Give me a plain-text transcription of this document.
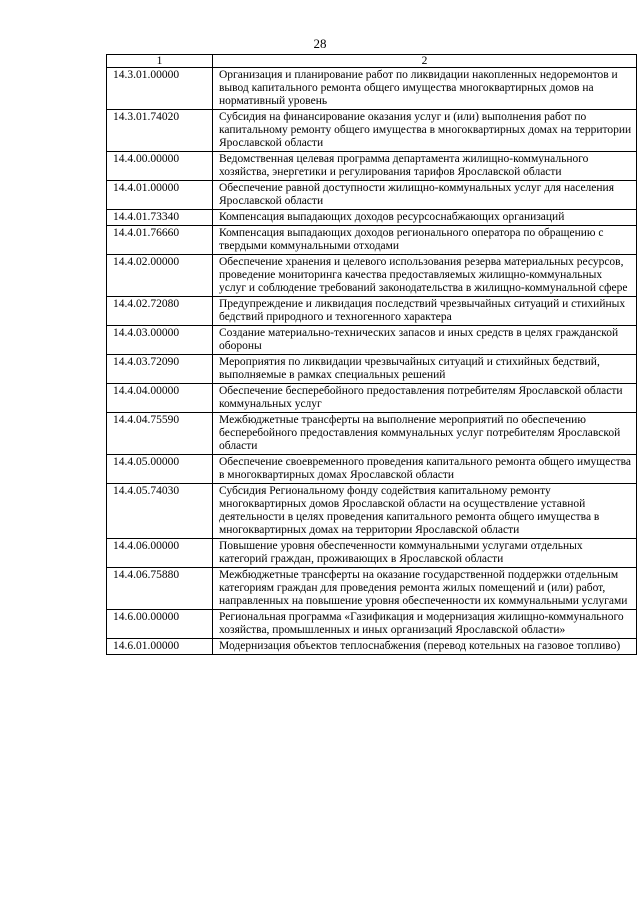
28
1	2
14.3.01.00000	Организация и планирование работ по ликвидации накопленных недоремонтов и вывод капитального ремонта общего имущества многоквартирных домов на нормативный уровень
14.3.01.74020	Субсидия на финансирование оказания услуг и (или) выполнения работ по капитальному ремонту общего имущества в многоквартирных домах на территории Ярославской области
14.4.00.00000	Ведомственная целевая программа департамента жилищно-коммунального хозяйства, энергетики и регулирования тарифов Ярославской области
14.4.01.00000	Обеспечение равной доступности жилищно-коммунальных услуг для населения Ярославской области
14.4.01.73340	Компенсация выпадающих доходов ресурсоснабжающих организаций
14.4.01.76660	Компенсация выпадающих доходов регионального оператора по обращению с твердыми коммунальными отходами
14.4.02.00000	Обеспечение хранения и целевого использования резерва материальных ресурсов, проведение мониторинга качества предоставляемых жилищно-коммунальных услуг и соблюдение требований законодательства в жилищно-коммунальной сфере
14.4.02.72080	Предупреждение и ликвидация последствий чрезвычайных ситуаций и стихийных бедствий природного и техногенного характера
14.4.03.00000	Создание материально-технических запасов и иных средств в целях гражданской обороны
14.4.03.72090	Мероприятия по ликвидации чрезвычайных ситуаций и стихийных бедствий, выполняемые в рамках специальных решений
14.4.04.00000	Обеспечение бесперебойного предоставления потребителям Ярославской области коммунальных услуг
14.4.04.75590	Межбюджетные трансферты на выполнение мероприятий по обеспечению бесперебойного предоставления коммунальных услуг потребителям Ярославской области
14.4.05.00000	Обеспечение своевременного проведения капитального ремонта общего имущества в многоквартирных домах Ярославской области
14.4.05.74030	Субсидия Региональному фонду содействия капитальному ремонту многоквартирных домов Ярославской области на осуществление уставной деятельности в целях проведения капитального ремонта общего имущества в многоквартирных домах на территории Ярославской области
14.4.06.00000	Повышение уровня обеспеченности коммунальными услугами отдельных категорий граждан, проживающих в Ярославской области
14.4.06.75880	Межбюджетные трансферты на оказание государственной поддержки отдельным категориям граждан для проведения ремонта жилых помещений и (или) работ, направленных на повышение уровня обеспеченности их коммунальными услугами
14.6.00.00000	Региональная программа «Газификация и модернизация жилищно-коммунального хозяйства, промышленных и иных организаций Ярославской области»
14.6.01.00000	Модернизация объектов теплоснабжения (перевод котельных на газовое топливо)
